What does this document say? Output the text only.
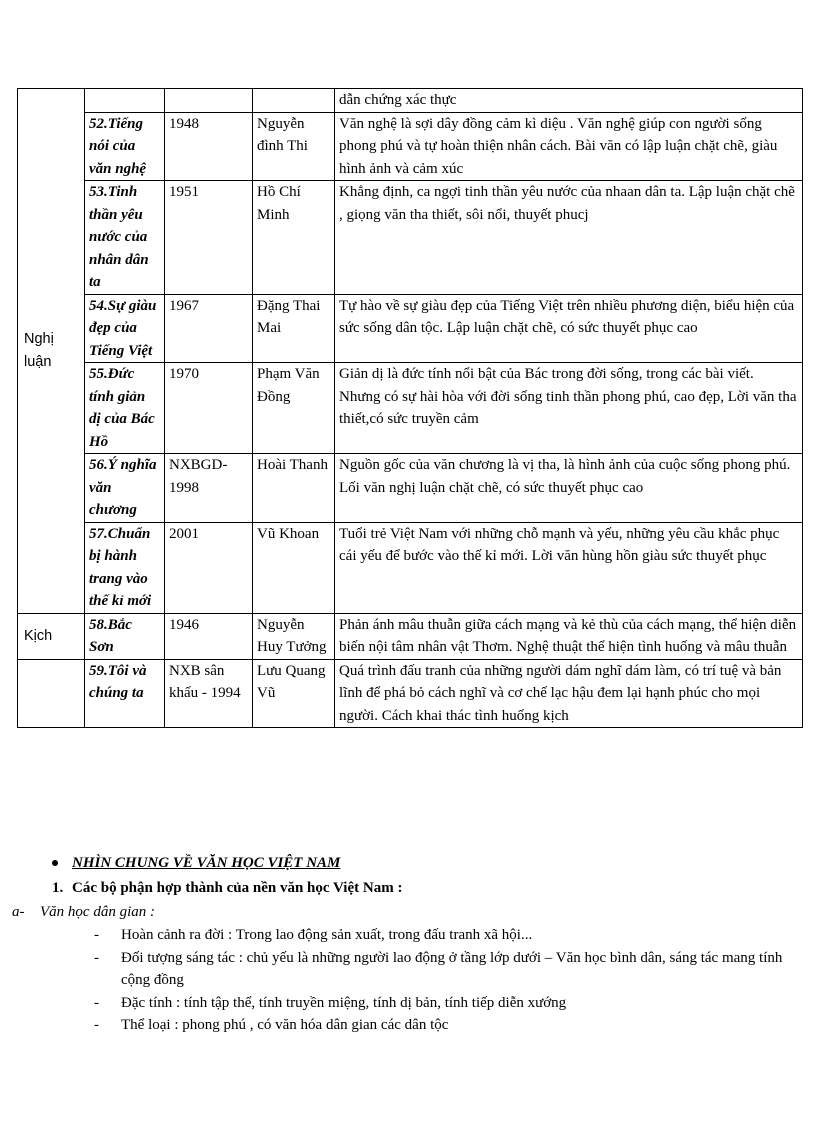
Nghị luận				dẫn chứng xác thực
	52.Tiếng nói của văn nghệ	1948	Nguyễn đình Thi	Văn nghệ là sợi dây đồng cảm kì diệu . Văn nghệ giúp con người sống phong phú và tự hoàn thiện nhân cách. Bài văn có lập luận chặt chẽ, giàu hình ảnh và cảm xúc
	53.Tinh thần yêu nước của nhân dân ta	1951	Hồ Chí Minh	Khẳng định, ca ngợi tinh thần yêu nước của nhaan dân ta. Lập luận chặt chẽ , giọng văn tha thiết, sôi nổi, thuyết phucj
	54.Sự giàu đẹp của Tiếng Việt	1967	Đặng Thai Mai	Tự hào về sự giàu đẹp của Tiếng Việt trên nhiều phương diện, biểu hiện của sức sống dân tộc. Lập luận chặt chẽ, có sức thuyết phục cao
	55.Đức tính giản dị của Bác Hồ	1970	Phạm Văn Đồng	Giản dị là đức tính nổi bật của Bác trong đời sống, trong các bài viết. Nhưng có sự hài hòa với đời sống tinh thần phong phú, cao đẹp, Lời văn tha thiết,có sức truyền cảm
	56.Ý nghĩa văn chương	NXBGD-1998	Hoài Thanh	Nguồn gốc của văn chương là vị tha, là hình ảnh của cuộc sống phong phú. Lối văn nghị luận chặt chẽ, có sức thuyết phục cao
	57.Chuẩn bị hành trang vào thế kỉ mới	2001	Vũ Khoan	Tuổi trẻ Việt Nam với những chỗ mạnh và yếu, những yêu cầu khắc phục cái yếu để bước vào thế kỉ mới. Lời văn hùng hồn giàu sức thuyết phục
Kịch	58.Bắc Sơn	1946	Nguyễn Huy Tưởng	Phản ánh mâu thuẫn giữa cách mạng và kẻ thù của cách mạng, thể hiện diễn biến nội tâm nhân vật Thơm. Nghệ thuật thể hiện tình huống và mâu thuẫn
	59.Tôi và chúng ta	NXB sân khấu - 1994	Lưu Quang Vũ	Quá trình đấu tranh của những người dám nghĩ dám làm, có trí tuệ và bản lĩnh để phá bỏ cách nghĩ và cơ chế lạc hậu đem lại hạnh phúc cho mọi người. Cách khai thác tình huống kịch
NHÌN CHUNG VỀ VĂN HỌC VIỆT NAM
1. Các bộ phận hợp thành của nền văn học Việt Nam :
a-	Văn học dân gian :
- Hoàn cảnh ra đời : Trong lao động sản xuất, trong đấu tranh xã hội...
- Đối tượng sáng tác : chủ yếu là những người lao động ở tầng lớp dưới – Văn học bình dân, sáng tác mang tính cộng đồng
- Đặc tính : tính tập thể, tính truyền miệng, tính dị bản, tính tiếp diễn xướng
- Thể loại : phong phú , có văn hóa dân gian các dân tộc
